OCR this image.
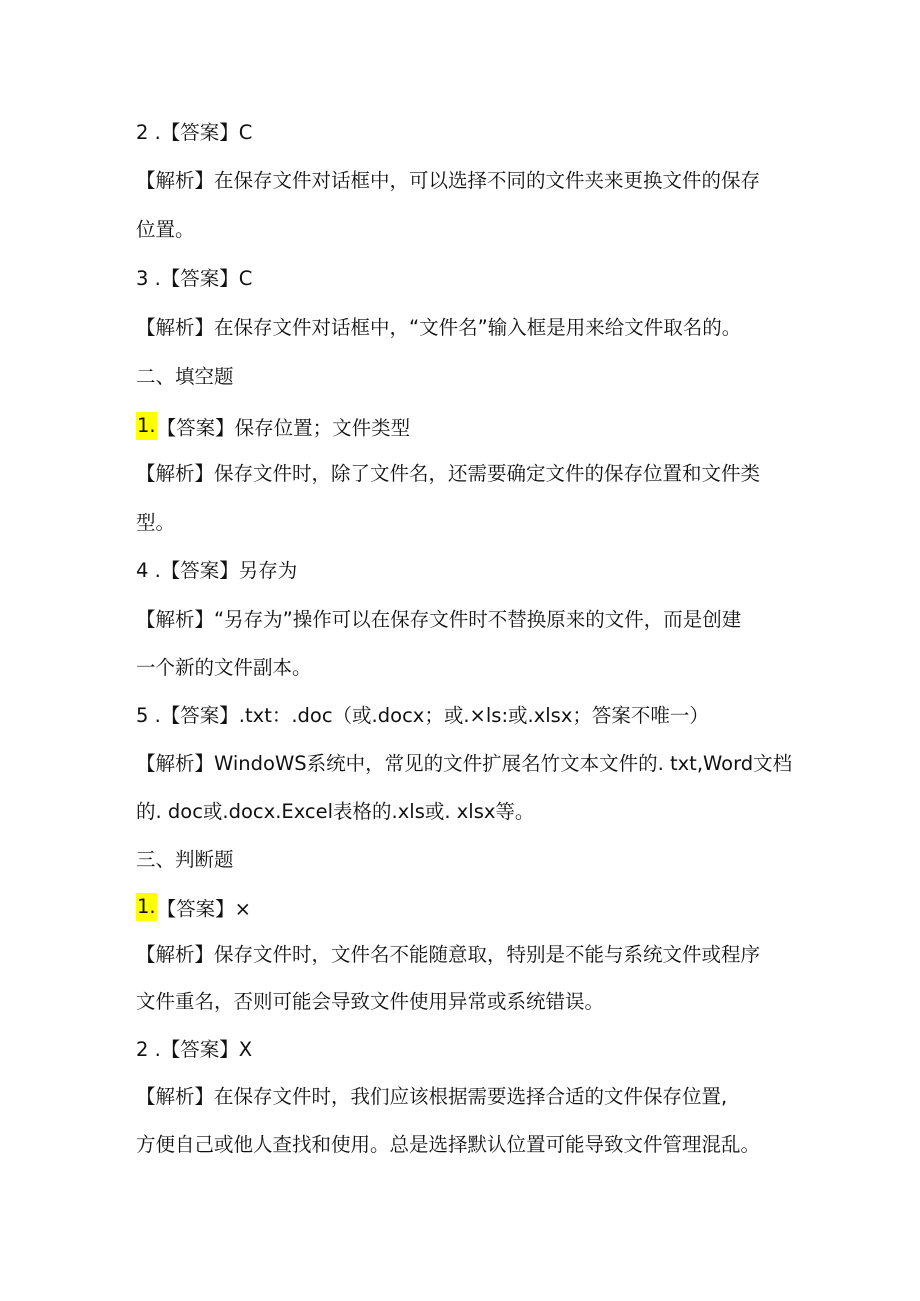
2 .【答案】C
【解析】在保存文件对话框中，可以选择不同的文件夹来更换文件的保存
位置。
3 .【答案】C
【解析】在保存文件对话框中，“文件名”输入框是用来给文件取名的。
二、填空题
1.【答案】保存位置；文件类型
【解析】保存文件时，除了文件名，还需要确定文件的保存位置和文件类
型。
4 .【答案】另存为
【解析】“另存为”操作可以在保存文件时不替换原来的文件，而是创建
一个新的文件副本。
5 .【答案】.txt：.doc（或.docx；或.×ls:或.xlsx；答案不唯一）
【解析】WindoWS系统中，常见的文件扩展名竹文本文件的. txt,Word文档
的. doc或.docx.Excel表格的.xls或. xlsx等。
三、判断题
1.【答案】×
【解析】保存文件时，文件名不能随意取，特别是不能与系统文件或程序
文件重名，否则可能会导致文件使用异常或系统错误。
2 .【答案】X
【解析】在保存文件时，我们应该根据需要选择合适的文件保存位置,
方便自己或他人查找和使用。总是选择默认位置可能导致文件管理混乱。
